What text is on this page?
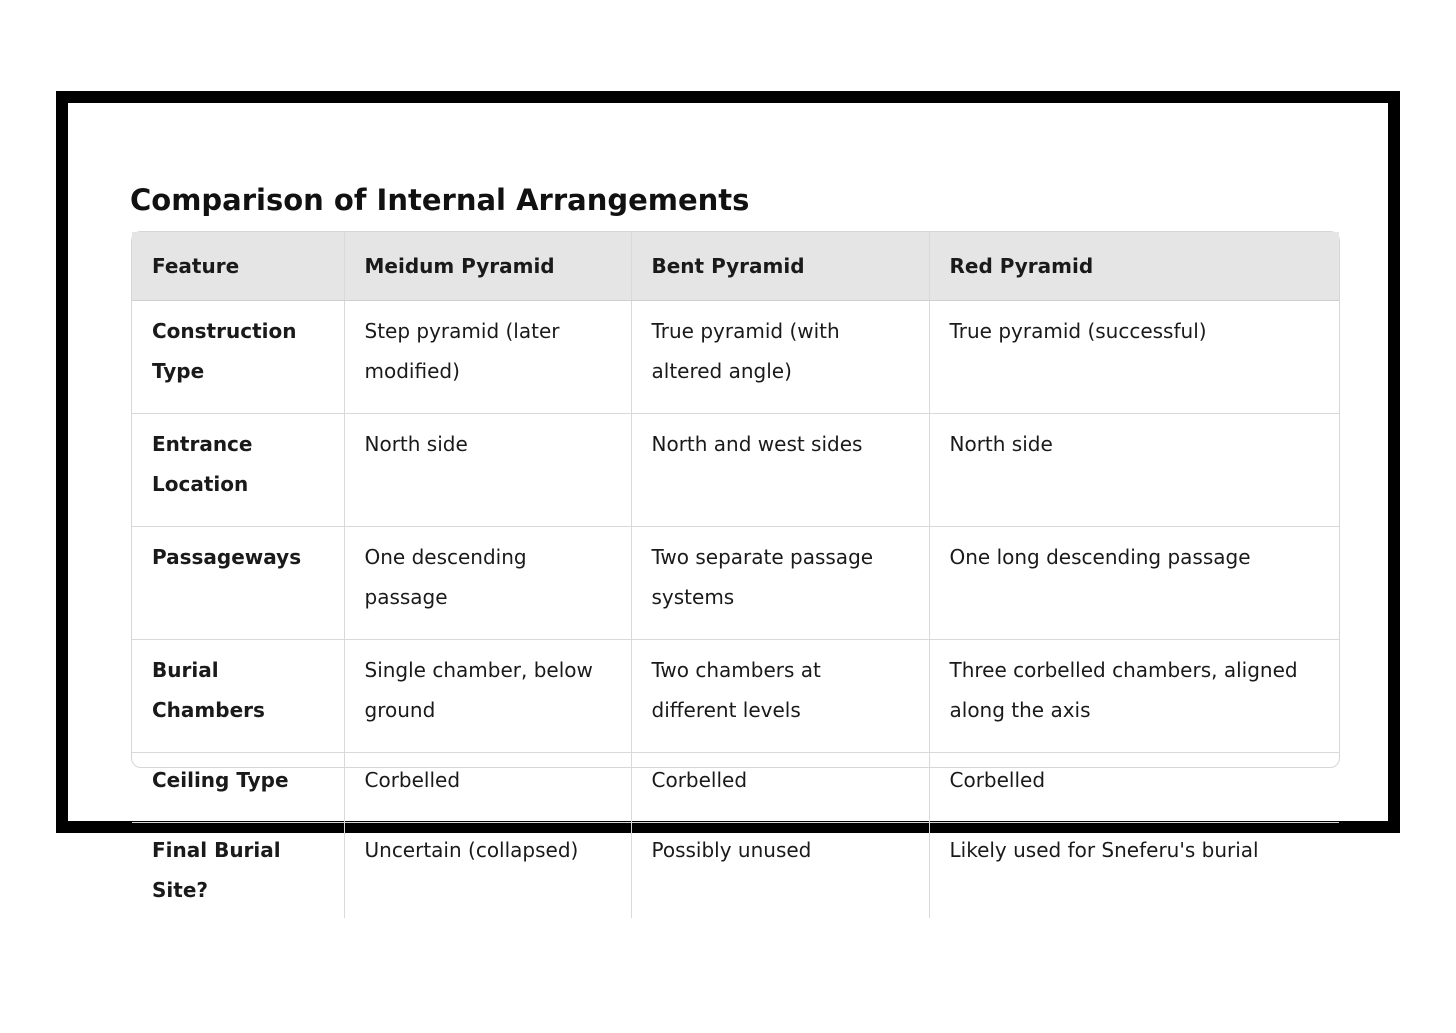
Comparison of Internal Arrangements
Feature	Meidum Pyramid	Bent Pyramid	Red Pyramid
Construction Type	Step pyramid (later modified)	True pyramid (with altered angle)	True pyramid (successful)
Entrance Location	North side	North and west sides	North side
Passageways	One descending passage	Two separate passage systems	One long descending passage
Burial Chambers	Single chamber, below ground	Two chambers at different levels	Three corbelled chambers, aligned along the axis
Ceiling Type	Corbelled	Corbelled	Corbelled
Final Burial Site?	Uncertain (collapsed)	Possibly unused	Likely used for Sneferu's burial
